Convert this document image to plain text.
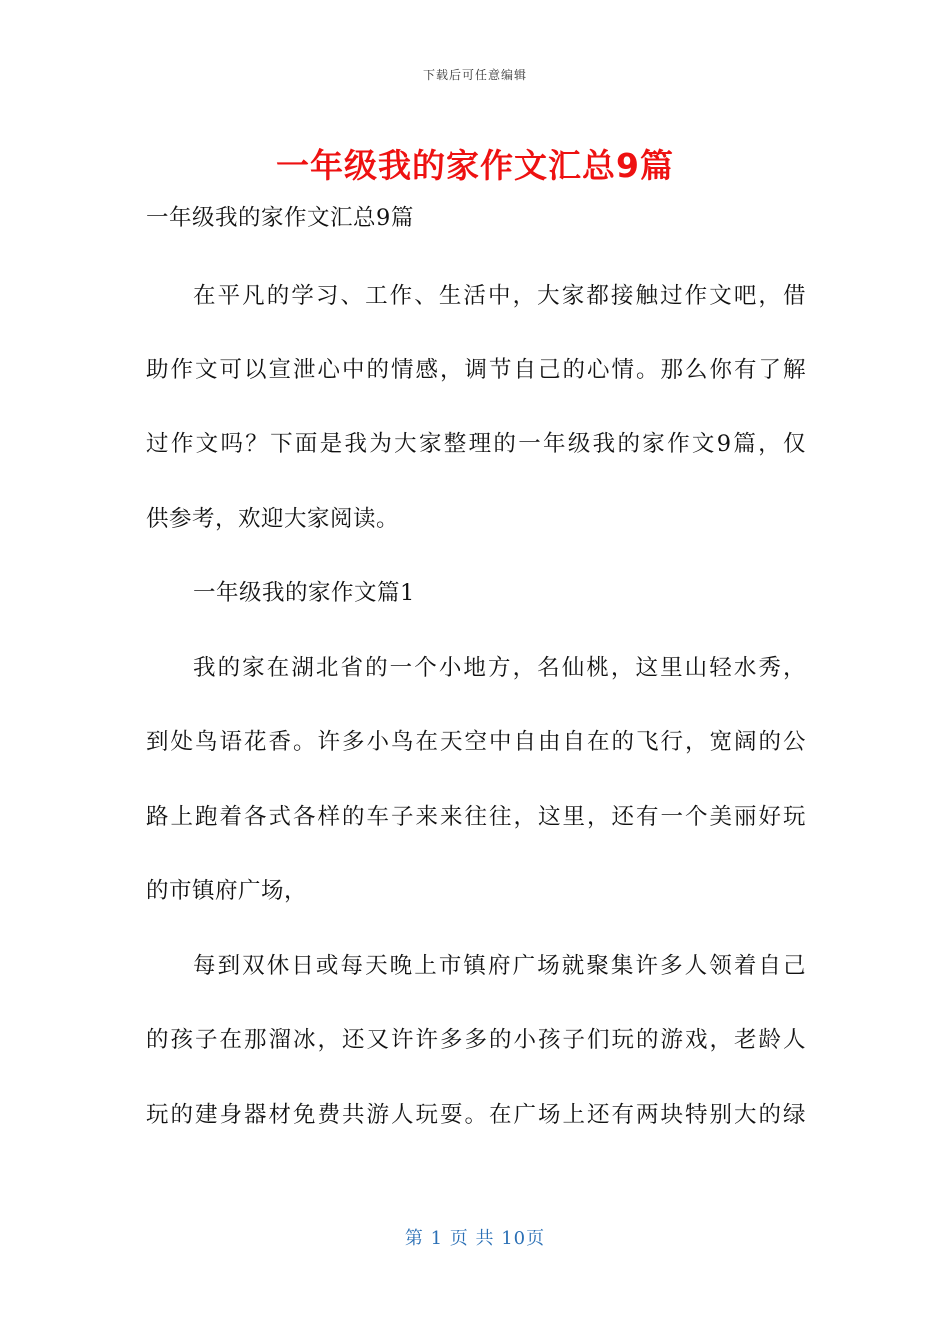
下载后可任意编辑
一年级我的家作文汇总9篇

一年级我的家作文汇总9篇

在平凡的学习、工作、生活中，大家都接触过作文吧，借

助作文可以宣泄心中的情感，调节自己的心情。那么你有了解

过作文吗？下面是我为大家整理的一年级我的家作文9篇，仅

供参考，欢迎大家阅读。

一年级我的家作文篇1

我的家在湖北省的一个小地方，名仙桃，这里山轻水秀，

到处鸟语花香。许多小鸟在天空中自由自在的飞行，宽阔的公

路上跑着各式各样的车子来来往往，这里，还有一个美丽好玩

的市镇府广场，

每到双休日或每天晚上市镇府广场就聚集许多人领着自己

的孩子在那溜冰，还又许许多多的小孩子们玩的游戏，老龄人

玩的建身器材免费共游人玩耍。在广场上还有两块特别大的绿

第 1 页 共 10页
